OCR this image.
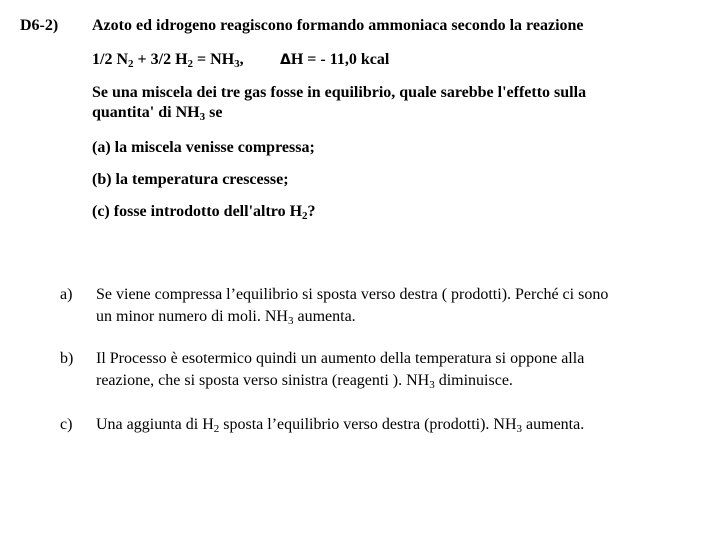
D6-2) Azoto ed idrogeno reagiscono formando ammoniaca secondo la reazione
1/2 $N_2 + 3/2$ $H_2 = NH_3$,	ΔH = - 11,0 kcal
Se una miscela dei tre gas fosse in equilibrio, quale sarebbe l'effetto sulla
quantita' di $NH_3$ se
(a) la miscela venisse compressa;
(b) la temperatura crescesse;
(c) fosse introdotto dell'altro $H_2$?
a) Se viene compressa l’equilibrio si sposta verso destra ( prodotti). Perché ci sono
un minor numero di moli. $NH_3$ aumenta.
b) Il Processo è esotermico quindi un aumento della temperatura si oppone alla
reazione, che si sposta verso sinistra (reagenti ). $NH_3$ diminuisce.
c) Una aggiunta di $H_2$ sposta l’equilibrio verso destra (prodotti). $NH_3$ aumenta.
